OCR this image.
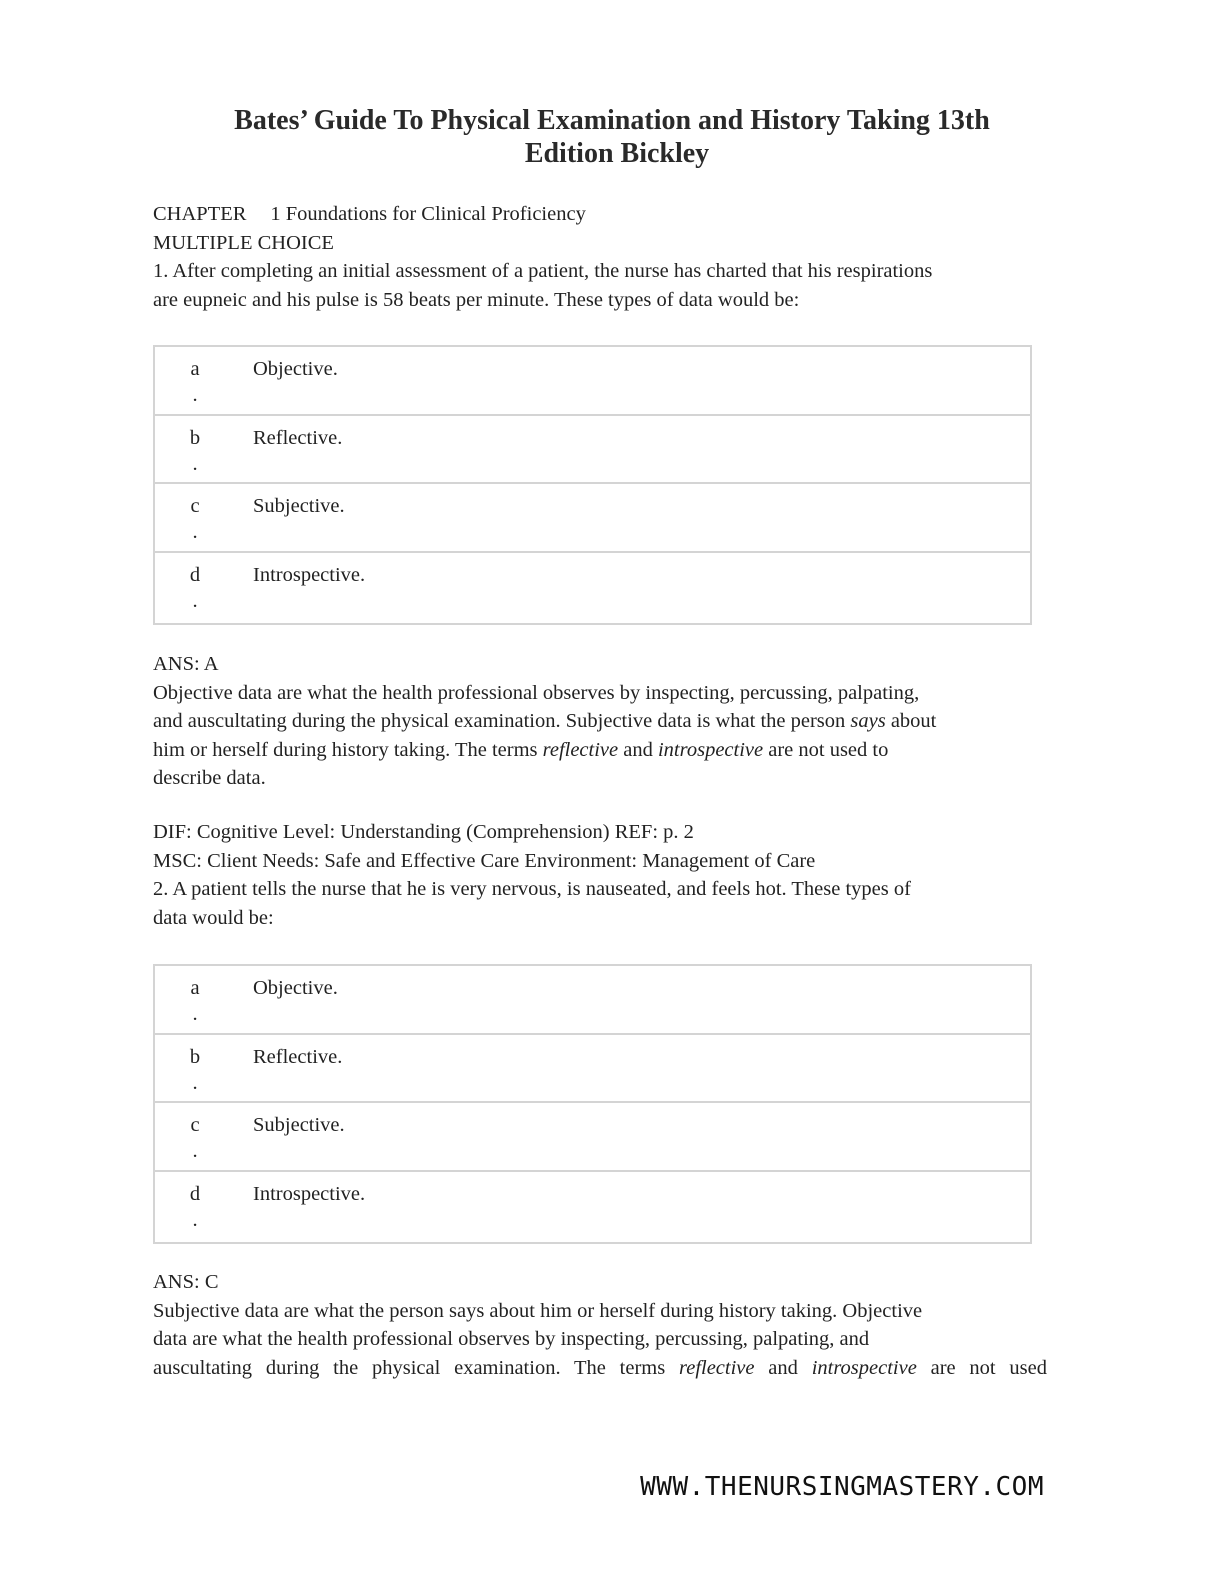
Bates’ Guide To Physical Examination and History Taking 13th
Edition Bickley
CHAPTER 1 Foundations for Clinical Proficiency
MULTIPLE CHOICE
1. After completing an initial assessment of a patient, the nurse has charted that his respirations
are eupneic and his pulse is 58 beats per minute. These types of data would be:
a
.
Objective.
b
.
Reflective.
c
.
Subjective.
d
.
Introspective.
ANS: A
Objective data are what the health professional observes by inspecting, percussing, palpating,
and auscultating during the physical examination. Subjective data is what the person says about
him or herself during history taking. The terms reflective and introspective are not used to
describe data.
DIF: Cognitive Level: Understanding (Comprehension) REF: p. 2
MSC: Client Needs: Safe and Effective Care Environment: Management of Care
2. A patient tells the nurse that he is very nervous, is nauseated, and feels hot. These types of
data would be:
a
.
Objective.
b
.
Reflective.
c
.
Subjective.
d
.
Introspective.
ANS: C
Subjective data are what the person says about him or herself during history taking. Objective
data are what the health professional observes by inspecting, percussing, palpating, and
auscultating during the physical examination. The terms reflective and introspective are not used
WWW.THENURSINGMASTERY.COM
